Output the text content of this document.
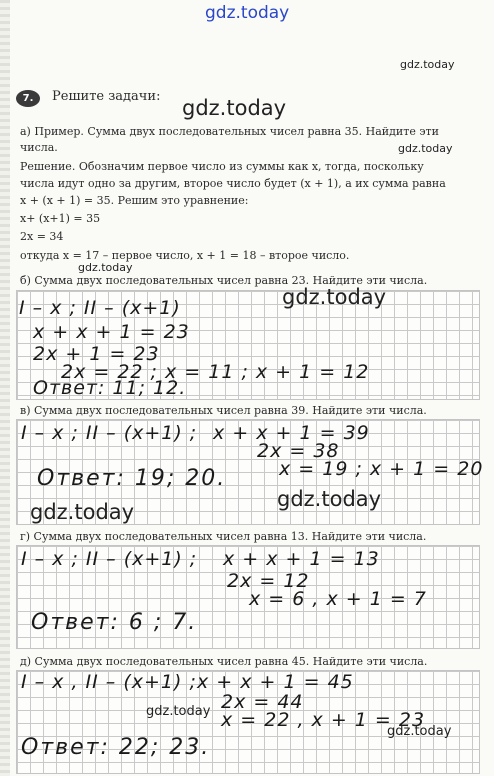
gdz.today
gdz.today
gdz.today
gdz.today
gdz.today
gdz.today
gdz.today
gdz.today
gdz.today
gdz.today
7.	Решите задачи:
а) Пример. Сумма двух последовательных чисел равна 35. Найдите эти
числа.
Решение. Обозначим первое число из суммы как x, тогда, поскольку
числа идут одно за другим, второе число будет (x + 1), а их сумма равна
x + (x + 1) = 35. Решим это уравнение:
x+ (x+1) = 35
2x = 34
откуда x = 17 – первое число, x + 1 = 18 – второе число.
б) Сумма двух последовательных чисел равна 23. Найдите эти числа.
I – x ; II – (x+1)
x + x + 1 = 23
2x + 1 = 23
2x = 22 ; x = 11 ; x + 1 = 12
Ответ: 11; 12.
в) Сумма двух последовательных чисел равна 39. Найдите эти числа.
I – x ; II – (x+1) ; x + x + 1 = 39
2x = 38
x = 19 ; x + 1 = 20
Ответ: 19; 20.
г) Сумма двух последовательных чисел равна 13. Найдите эти числа.
I – x ; II – (x+1) ; x + x + 1 = 13
2x = 12
x = 6 , x + 1 = 7
Ответ: 6 ; 7.
д) Сумма двух последовательных чисел равна 45. Найдите эти числа.
I – x , II – (x+1) ; x + x + 1 = 45
2x = 44
x = 22 , x + 1 = 23
Ответ: 22; 23.
